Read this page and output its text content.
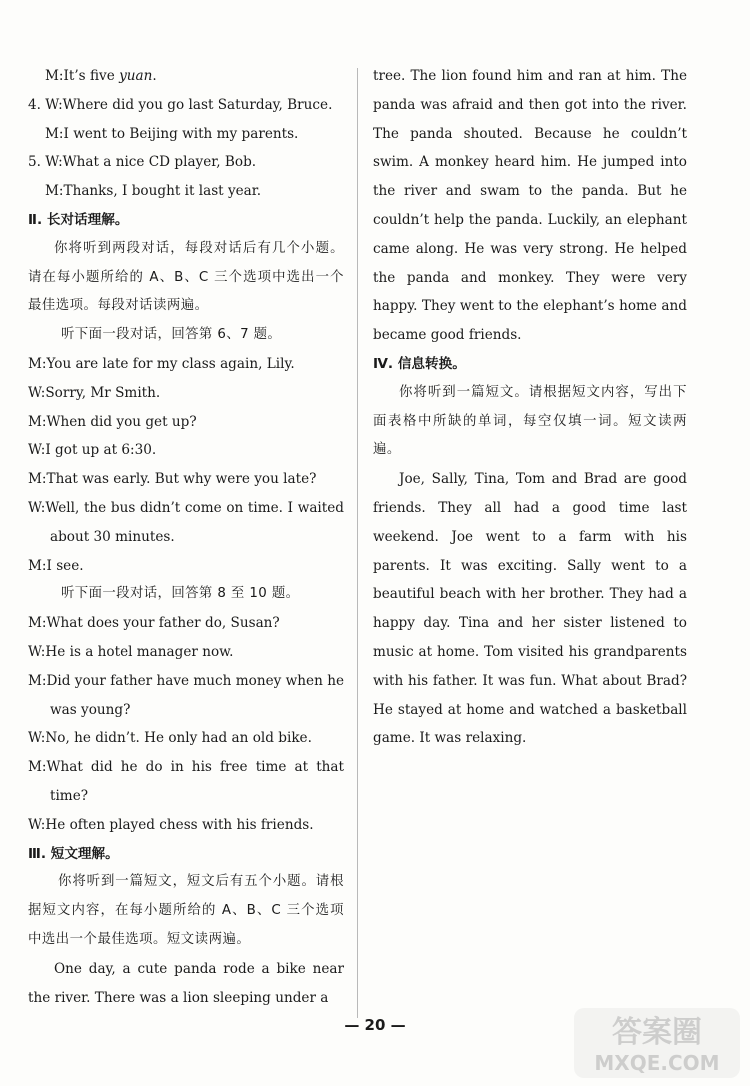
M:It’s five yuan.
4. W:Where did you go last Saturday, Bruce.
M:I went to Beijing with my parents.
5. W:What a nice CD player, Bob.
M:Thanks, I bought it last year.
Ⅱ. 长对话理解。
你将听到两段对话，每段对话后有几个小题。请在每小题所给的 A、B、C 三个选项中选出一个最佳选项。每段对话读两遍。
听下面一段对话，回答第 6、7 题。
M:You are late for my class again, Lily.
W:Sorry, Mr Smith.
M:When did you get up?
W:I got up at 6:30.
M:That was early. But why were you late?
W:Well, the bus didn’t come on time. I waited about 30 minutes.
M:I see.
听下面一段对话，回答第 8 至 10 题。
M:What does your father do, Susan?
W:He is a hotel manager now.
M:Did your father have much money when he was young?
W:No, he didn’t. He only had an old bike.
M:What did he do in his free time at that time?
W:He often played chess with his friends.
Ⅲ. 短文理解。
你将听到一篇短文，短文后有五个小题。请根据短文内容，在每小题所给的 A、B、C 三个选项中选出一个最佳选项。短文读两遍。
One day, a cute panda rode a bike near the river. There was a lion sleeping under a
tree. The lion found him and ran at him. The panda was afraid and then got into the river. The panda shouted. Because he couldn’t swim. A monkey heard him. He jumped into the river and swam to the panda. But he couldn’t help the panda. Luckily, an elephant came along. He was very strong. He helped the panda and monkey. They were very happy. They went to the elephant’s home and became good friends.
Ⅳ. 信息转换。
你将听到一篇短文。请根据短文内容，写出下面表格中所缺的单词，每空仅填一词。短文读两遍。
Joe, Sally, Tina, Tom and Brad are good friends. They all had a good time last weekend. Joe went to a farm with his parents. It was exciting. Sally went to a beautiful beach with her brother. They had a happy day. Tina and her sister listened to music at home. Tom visited his grandparents with his father. It was fun. What about Brad? He stayed at home and watched a basketball game. It was relaxing.
— 20 —	答案圈
MXQE.COM
